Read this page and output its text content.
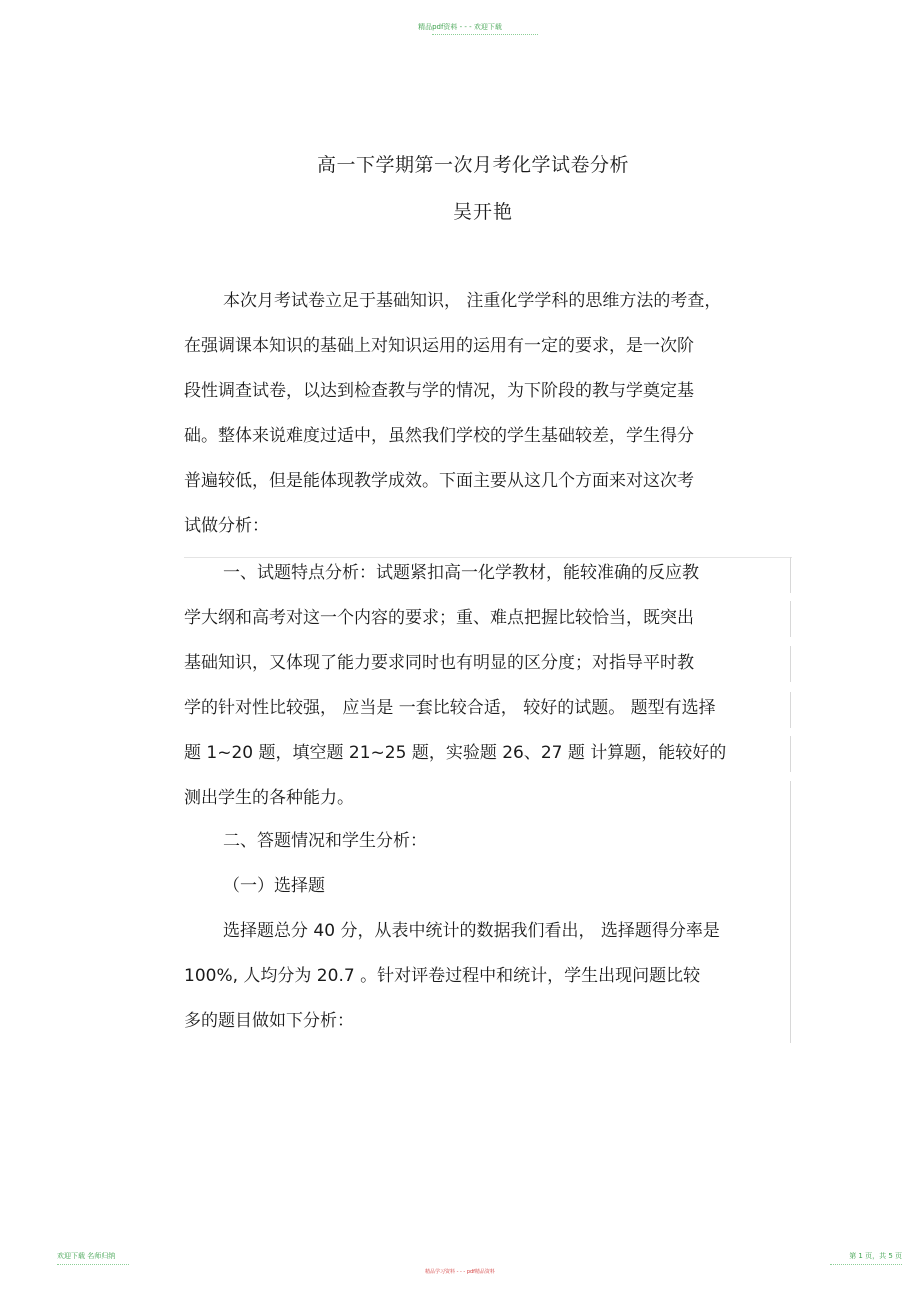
精品pdf资料 - - - 欢迎下载
高一下学期第一次月考化学试卷分析
吴开艳
本次月考试卷立足于基础知识， 注重化学学科的思维方法的考查，
在强调课本知识的基础上对知识运用的运用有一定的要求，是一次阶
段性调查试卷，以达到检查教与学的情况，为下阶段的教与学奠定基
础。整体来说难度过适中，虽然我们学校的学生基础较差，学生得分
普遍较低，但是能体现教学成效。下面主要从这几个方面来对这次考
试做分析：
一、试题特点分析：试题紧扣高一化学教材，能较准确的反应教
学大纲和高考对这一个内容的要求；重、难点把握比较恰当，既突出
基础知识，又体现了能力要求同时也有明显的区分度；对指导平时教
学的针对性比较强， 应当是 一套比较合适， 较好的试题。 题型有选择
题 1~20 题，填空题 21~25 题，实验题 26、27 题 计算题，能较好的
测出学生的各种能力。
二、答题情况和学生分析：
（一）选择题
选择题总分 40 分，从表中统计的数据我们看出， 选择题得分率是
100%, 人均分为 20.7 。针对评卷过程中和统计，学生出现问题比较
多的题目做如下分析：
欢迎下载 名师归纳
精品学习资料 - - - pdf精品资料
第 1 页，共 5 页
